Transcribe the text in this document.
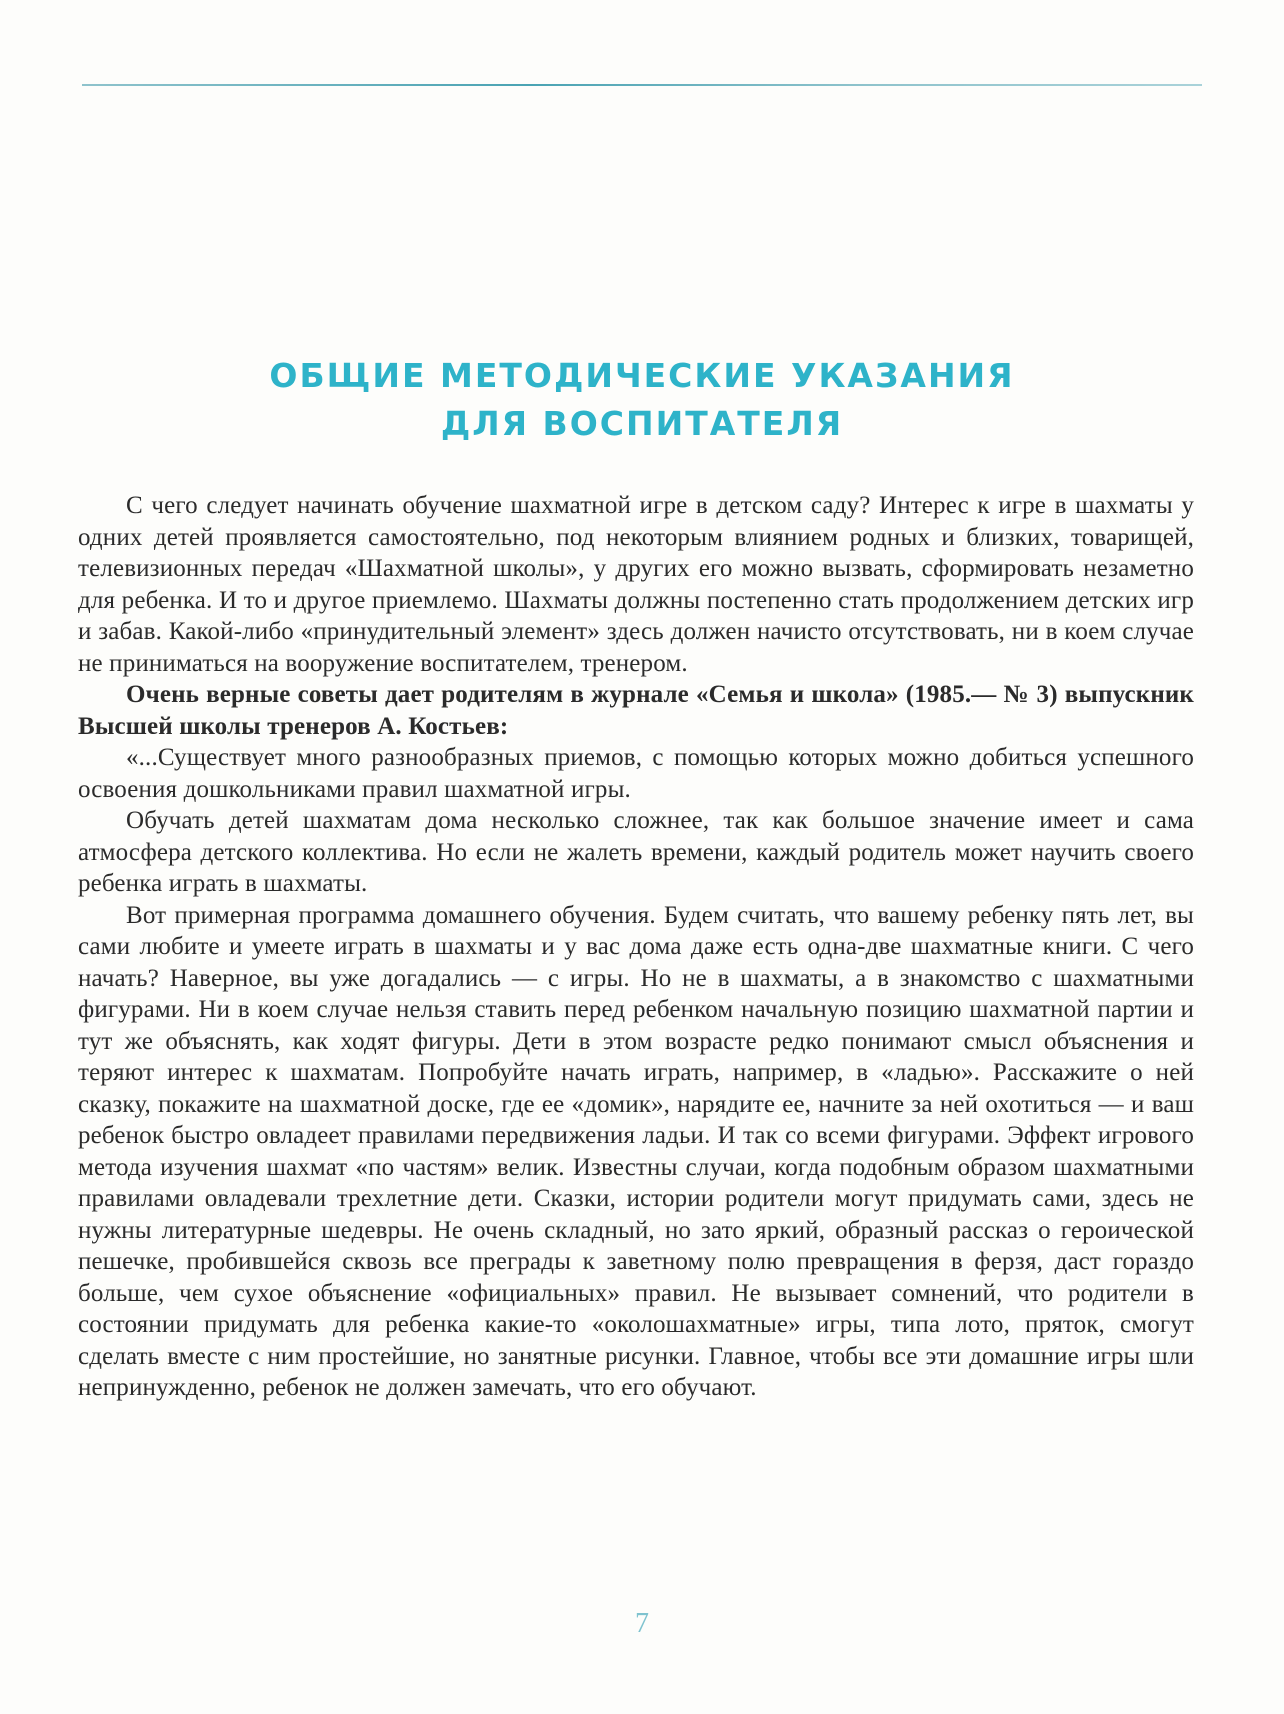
ОБЩИЕ МЕТОДИЧЕСКИЕ УКАЗАНИЯ
ДЛЯ ВОСПИТАТЕЛЯ

С чего следует начинать обучение шахматной игре в детском саду? Интерес к игре в шахматы у одних детей проявляется самостоятельно, под некоторым влиянием родных и близких, товарищей, телевизионных передач «Шахматной школы», у других его можно вызвать, сформировать незаметно для ребенка. И то и другое приемлемо. Шахматы должны постепенно стать продолжением детских игр и забав. Какой-либо «принудительный элемент» здесь должен начисто отсутствовать, ни в коем случае не приниматься на вооружение воспитателем, тренером.

Очень верные советы дает родителям в журнале «Семья и школа» (1985.— № 3) выпускник Высшей школы тренеров А. Костьев:

«...Существует много разнообразных приемов, с помощью которых можно добиться успешного освоения дошкольниками правил шахматной игры.

Обучать детей шахматам дома несколько сложнее, так как большое значение имеет и сама атмосфера детского коллектива. Но если не жалеть времени, каждый родитель может научить своего ребенка играть в шахматы.

Вот примерная программа домашнего обучения. Будем считать, что вашему ребенку пять лет, вы сами любите и умеете играть в шахматы и у вас дома даже есть одна-две шахматные книги. С чего начать? Наверное, вы уже догадались — с игры. Но не в шахматы, а в знакомство с шахматными фигурами. Ни в коем случае нельзя ставить перед ребенком начальную позицию шахматной партии и тут же объяснять, как ходят фигуры. Дети в этом возрасте редко понимают смысл объяснения и теряют интерес к шахматам. Попробуйте начать играть, например, в «ладью». Расскажите о ней сказку, покажите на шахматной доске, где ее «домик», нарядите ее, начните за ней охотиться — и ваш ребенок быстро овладеет правилами передвижения ладьи. И так со всеми фигурами. Эффект игрового метода изучения шахмат «по частям» велик. Известны случаи, когда подобным образом шахматными правилами овладевали трехлетние дети. Сказки, истории родители могут придумать сами, здесь не нужны литературные шедевры. Не очень складный, но зато яркий, образный рассказ о героической пешечке, пробившейся сквозь все преграды к заветному полю превращения в ферзя, даст гораздо больше, чем сухое объяснение «официальных» правил. Не вызывает сомнений, что родители в состоянии придумать для ребенка какие-то «околошахматные» игры, типа лото, пряток, смогут сделать вместе с ним простейшие, но занятные рисунки. Главное, чтобы все эти домашние игры шли непринужденно, ребенок не должен замечать, что его обучают.

7
